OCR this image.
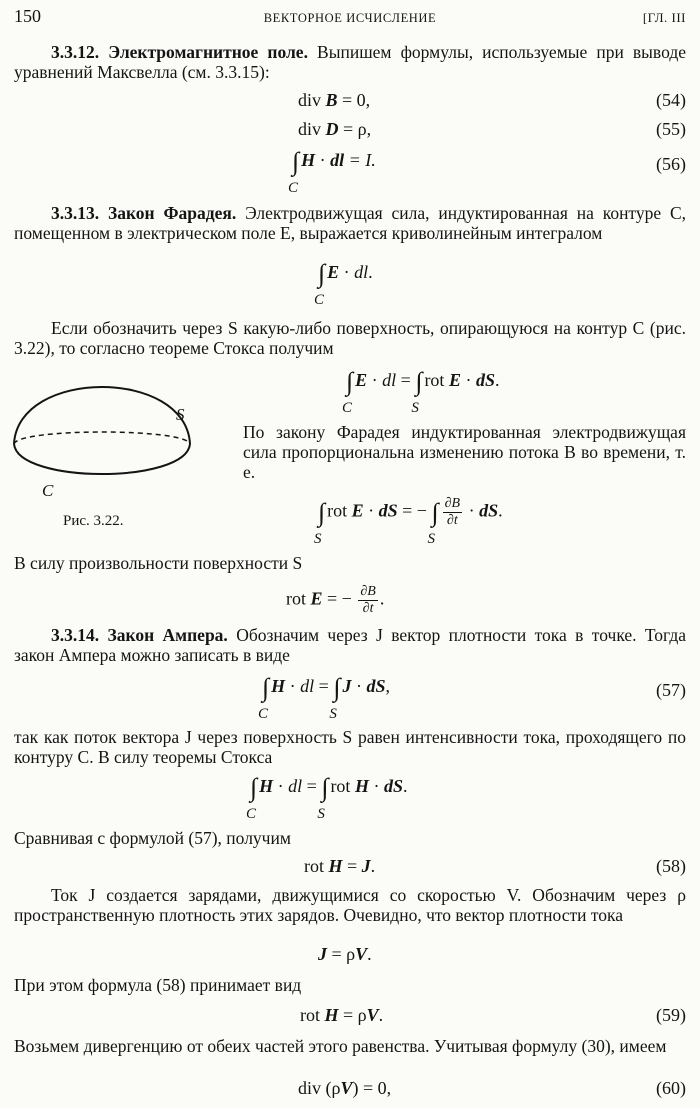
150	ВЕКТОРНОЕ ИСЧИСЛЕНИЕ	[ГЛ. III
3.3.12. Электромагнитное поле. Выпишем формулы, используемые при выводе уравнений Максвелла (см. 3.3.15):
div B = 0,	(54)
div D = ρ,	(55)
∫
C
H · dl = I.	(56)
3.3.13. Закон Фарадея. Электродвижущая сила, индуктированная на контуре C, помещенном в электрическом поле E, выражается криволинейным интегралом
∫
C
E · dl.
Если обозначить через S какую-либо поверхность, опирающуюся на контур C (рис. 3.22), то согласно теореме Стокса получим
∫
C
E · dl = ∫
S
rot E · dS.
S
C
Рис. 3.22.
По закону Фарадея индуктированная электродвижущая сила пропорциональна изменению потока B во времени, т. е.
∫
S
rot E · dS = − ∫
S
$\frac{\partial B}{\partial t}$ · dS.
В силу произвольности поверхности S
rot E = − $\frac{\partial B}{\partial t}$ .
3.3.14. Закон Ампера. Обозначим через J вектор плотности тока в точке. Тогда закон Ампера можно записать в виде
∫
C
H · dl = ∫
S
J · dS,	(57)
так как поток вектора J через поверхность S равен интенсивности тока, проходящего по контуру C. В силу теоремы Стокса
∫
C
H · dl = ∫
S
rot H · dS.
Сравнивая с формулой (57), получим
rot H = J.	(58)
Ток J создается зарядами, движущимися со скоростью V. Обозначим через ρ пространственную плотность этих зарядов. Очевидно, что вектор плотности тока
J = ρV.
При этом формула (58) принимает вид
rot H = ρV.	(59)
Возьмем дивергенцию от обеих частей этого равенства. Учитывая формулу (30), имеем
div (ρV) = 0,	(60)
